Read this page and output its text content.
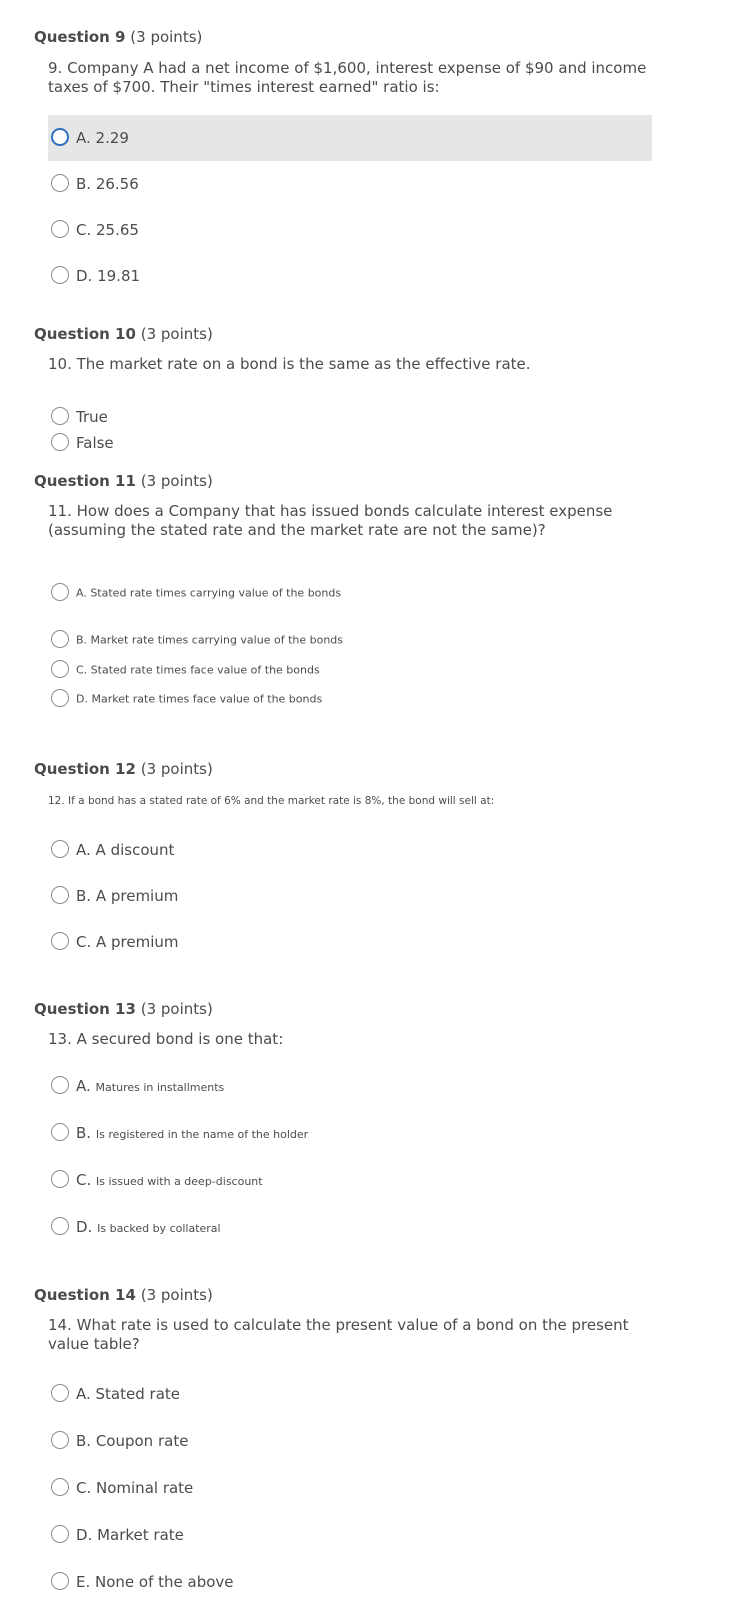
Question 9 (3 points)
9. Company A had a net income of $1,600, interest expense of $90 and income taxes of $700. Their "times interest earned" ratio is:
A. 2.29
B. 26.56
C. 25.65
D. 19.81
Question 10 (3 points)
10. The market rate on a bond is the same as the effective rate.
True
False
Question 11 (3 points)
11. How does a Company that has issued bonds calculate interest expense (assuming the stated rate and the market rate are not the same)?
A. Stated rate times carrying value of the bonds
B. Market rate times carrying value of the bonds
C. Stated rate times face value of the bonds
D. Market rate times face value of the bonds
Question 12 (3 points)
12. If a bond has a stated rate of 6% and the market rate is 8%, the bond will sell at:
A. A discount
B. A premium
C. A premium
Question 13 (3 points)
13. A secured bond is one that:
A. Matures in installments
B. Is registered in the name of the holder
C. Is issued with a deep-discount
D. Is backed by collateral
Question 14 (3 points)
14. What rate is used to calculate the present value of a bond on the present value table?
A. Stated rate
B. Coupon rate
C. Nominal rate
D. Market rate
E. None of the above
